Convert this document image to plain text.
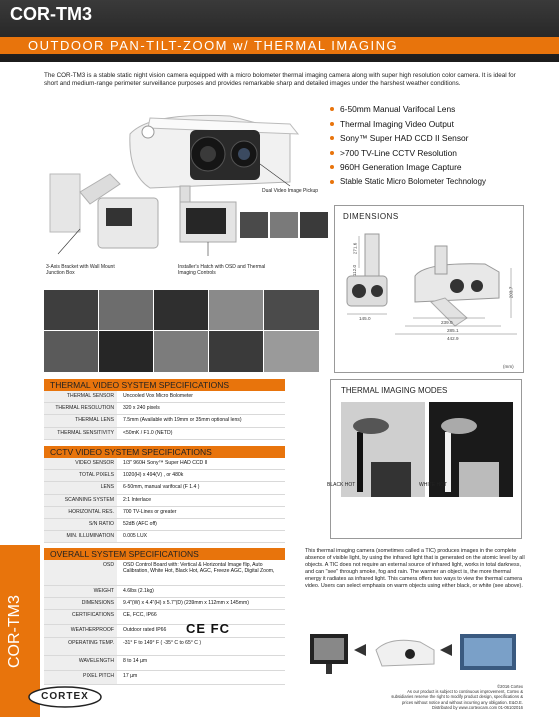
COR-TM3
OUTDOOR PAN-TILT-ZOOM w/ THERMAL IMAGING

The COR-TM3 is a stable static night vision camera equipped with a micro bolometer thermal imaging camera along with super high resolution color camera. It is ideal for short and medium-range perimeter surveillance purposes and provides remarkable sharp and detailed images under the harshest weather conditions.

Dual Video Image Pickup
3-Axis Bracket with Wall Mount Junction Box
Installer's Hatch with OSD and Thermal Imaging Controls
6-50mm Manual Varifocal Lens
Thermal Imaging Video Output
Sony™ Super HAD CCD II Sensor
>700 TV-Line CCTV Resolution
960H Generation Image Capture
Stable Static Micro Bolometer Technology
DIMENSIONS
271.6
112.0
145.0
239.0
285.1
442.9
203.7
(mm)
THERMAL VIDEO SYSTEM SPECIFICATIONS
THERMAL SENSOR	Uncooled Vox Micro Bolometer
THERMAL RESOLUTION	320 x 240 pixels
THERMAL LENS	7.5mm (Available with 19mm or 35mm optional lens)
THERMAL SENSITIVITY	<50mK / F1.0 (NETD)
CCTV VIDEO SYSTEM SPECIFICATIONS
VIDEO SENSOR	1/3" 960H Sony™ Super HAD CCD II
TOTAL PIXELS	1020(H) x 494(V) , or 480k
LENS	6-50mm, manual varifocal (F 1.4 )
SCANNING SYSTEM	2:1 Interlace
HORIZONTAL RES.	700 TV-Lines or greater
S/N RATIO	52dB (AFC off)
MIN. ILLUMINATION	0.005 LUX
OVERALL SYSTEM SPECIFICATIONS
OSD	OSD Control Board with: Vertical & Horizontal Image flip, Auto Calibration, White Hot, Black Hot, AGC, Freeze AGC, Digital Zoom,
WEIGHT	4.6lbs (2.1kg)
DIMENSIONS	9.4"(W) x 4.4"(H) x 5.7"(D) (239mm x 112mm x 145mm)
CERTIFICATIONS	CE, FCC, IP66
WEATHERPROOF	Outdoor rated IP66
OPERATING TEMP.	-31° F to 149° F ( -35° C to 65° C )
WAVELENGTH	8 to 14 µm
PIXEL PITCH	17 µm
CE FC
COR-TM3
THERMAL IMAGING MODES
BLACK HOT	WHITE HOT

This thermal imaging camera (sometimes called a TIC) produces images in the complete absence of visible light, by using the infrared light that is generated on the atomic level by all objects. A TIC does not require an external source of infrared light, works in total darkness, and can "see" through smoke, fog and rain. The warmer an object is, the more thermal energy it radiates as infrared light. This camera offers two ways to view the thermal camera video. Users can select emphasis on warm objects using either black, or white (see above).

CORTEX
©2016 Cortex
As our product is subject to continuous improvement, Cortex &
subsidiaries reserve the right to modify product design, specifications &
prices without notice and without incurring any obligation. E&O.E.
Distributed by www.cortexcam.com 01-06102016
